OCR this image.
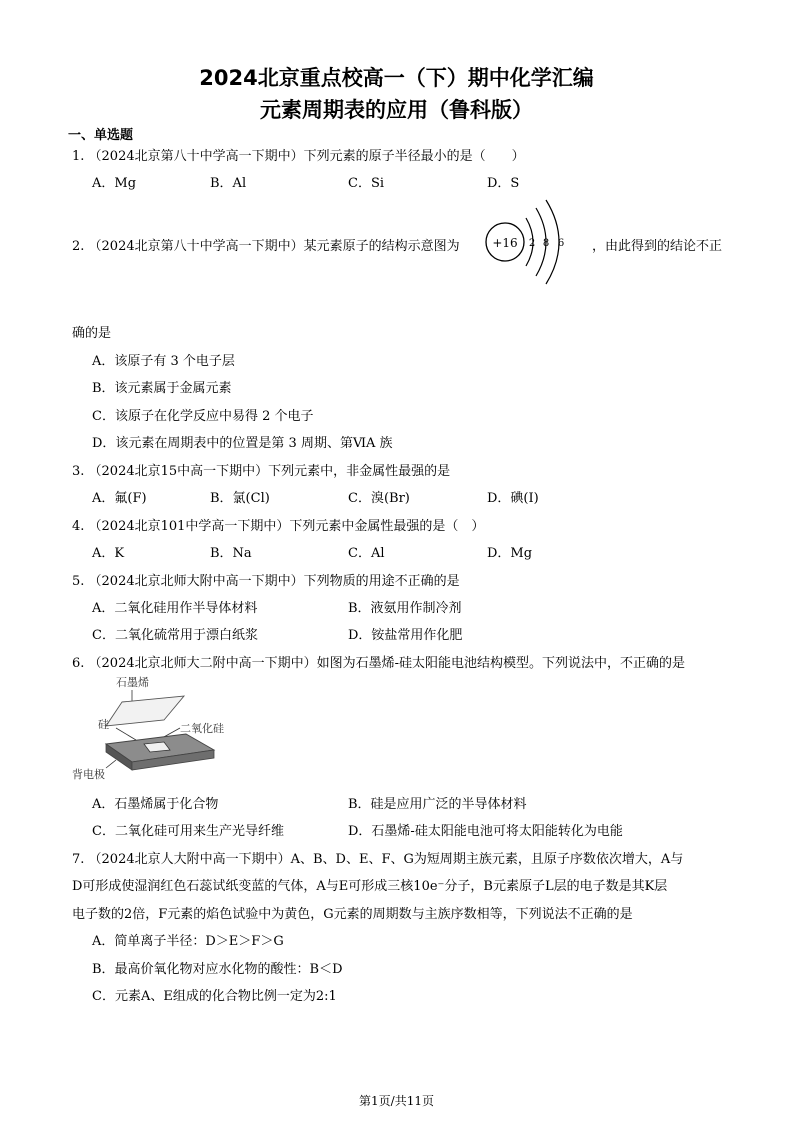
2024北京重点校高一（下）期中化学汇编
元素周期表的应用（鲁科版）
一、单选题
1. （2024北京第八十中学高一下期中）下列元素的原子半径最小的是（　　）
A．Mg	B．Al	C．Si	D．S
2. （2024北京第八十中学高一下期中）某元素原子的结构示意图为	+16 2 8 6 ，由此得到的结论不正
确的是
A．该原子有 3 个电子层
B．该元素属于金属元素
C．该原子在化学反应中易得 2 个电子
D．该元素在周期表中的位置是第 3 周期、第ⅥA 族
3. （2024北京15中高一下期中）下列元素中，非金属性最强的是
A．氟(F)	B．氯(Cl)	C．溴(Br)	D．碘(I)
4. （2024北京101中学高一下期中）下列元素中金属性最强的是（　）
A．K	B．Na	C．Al	D．Mg
5. （2024北京北师大附中高一下期中）下列物质的用途不正确的是
A．二氧化硅用作半导体材料	B．液氨用作制冷剂
C．二氧化硫常用于漂白纸浆	D．铵盐常用作化肥
6. （2024北京北师大二附中高一下期中）如图为石墨烯-硅太阳能电池结构模型。下列说法中，不正确的是
石墨烯
硅	二氧化硅
背电极
A．石墨烯属于化合物	B．硅是应用广泛的半导体材料
C．二氧化硅可用来生产光导纤维	D．石墨烯-硅太阳能电池可将太阳能转化为电能
7. （2024北京人大附中高一下期中）A、B、D、E、F、G为短周期主族元素，且原子序数依次增大，A与
D可形成使湿润红色石蕊试纸变蓝的气体，A与E可形成三核10e⁻分子，B元素原子L层的电子数是其K层
电子数的2倍，F元素的焰色试验中为黄色，G元素的周期数与主族序数相等，下列说法不正确的是
A．简单离子半径：D＞E＞F＞G
B．最高价氧化物对应水化物的酸性：B＜D
C．元素A、E组成的化合物比例一定为2:1
第1页/共11页
